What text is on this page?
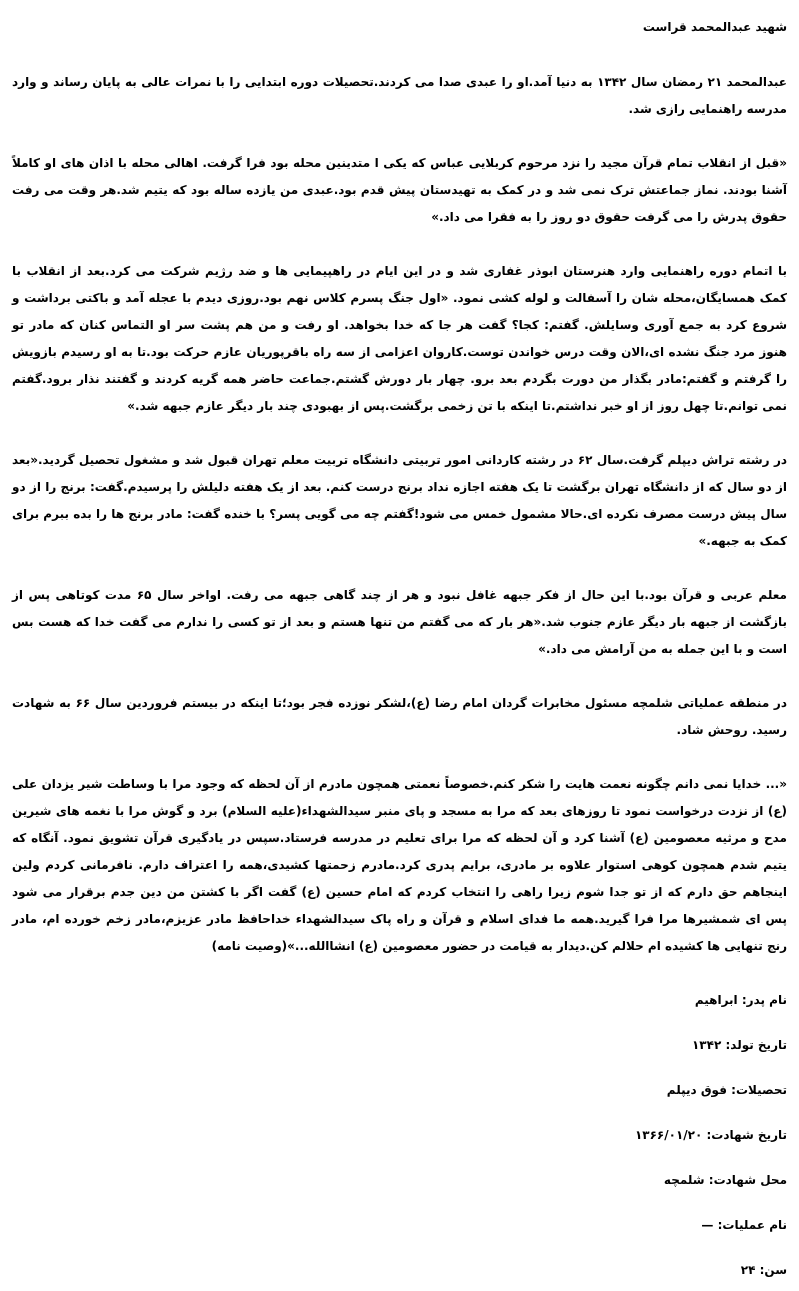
شهید عبدالمحمد قراست

عبدالمحمد ۲۱ رمضان سال ۱۳۴۲ به دنیا آمد.او را عبدی صدا می کردند.تحصیلات دوره ابتدایی را با نمرات عالی به پایان رساند و وارد مدرسه راهنمایی رازی شد.

«قبل از انقلاب تمام قرآن مجید را نزد مرحوم کربلایی عباس که یکی ا متدینین محله بود فرا گرفت. اهالی محله با اذان های او کاملاً آشنا بودند. نماز جماعتش ترک نمی شد و در کمک به تهیدستان پیش قدم بود.عبدی من یازده ساله بود که یتیم شد.هر وقت می رفت حقوق پدرش را می گرفت حقوق دو روز را به فقرا می داد.»

با اتمام دوره راهنمایی وارد هنرستان ابوذر غفاری شد و در این ایام در راهپیمایی ها و ضد رژیم شرکت می کرد.بعد از انقلاب با کمک همسایگان،محله شان را آسفالت و لوله کشی نمود. «اول جنگ پسرم کلاس نهم بود.روزی دیدم با عجله آمد و باکتی برداشت و شروع کرد به جمع آوری وسایلش. گفتم: کجا؟ گفت هر جا که خدا بخواهد. او رفت و من هم پشت سر او التماس کنان که مادر تو هنوز مرد جنگ نشده ای،الان وقت درس خواندن توست.کاروان اعزامی از سه راه باقرپوریان عازم حرکت بود.تا به او رسیدم بازویش را گرفتم و گفتم:مادر بگذار من دورت بگردم بعد برو. چهار بار دورش گشتم.جماعت حاضر همه گریه کردند و گفتند نذار برود.گفتم نمی توانم.تا چهل روز از او خبر نداشتم.تا اینکه با تن زخمی برگشت.پس از بهبودی چند بار دیگر عازم جبهه شد.»

در رشته تراش دیپلم گرفت.سال ۶۲ در رشته کاردانی امور تربیتی دانشگاه تربیت معلم تهران قبول شد و مشغول تحصیل گردید.«بعد از دو سال که از دانشگاه تهران برگشت تا یک هفته اجازه نداد برنج درست کنم. بعد از یک هفته دلیلش را پرسیدم.گفت: برنج را از دو سال پیش درست مصرف نکرده ای.حالا مشمول خمس می شود!گفتم چه می گویی پسر؟ با خنده گفت: مادر برنج ها را بده ببرم برای کمک به جبهه.»

معلم عربی و قرآن بود.با این حال از فکر جبهه غافل نبود و هر از چند گاهی جبهه می رفت. اواخر سال ۶۵ مدت کوتاهی پس از بازگشت از جبهه بار دیگر عازم جنوب شد.«هر بار که می گفتم من تنها هستم و بعد از تو کسی را ندارم می گفت خدا که هست بس است و با این جمله به من آرامش می داد.»

در منطقه عملیاتی شلمچه مسئول مخابرات گردان امام رضا (ع)،لشکر نوزده فجر بود؛تا اینکه در بیستم فروردین سال ۶۶ به شهادت رسید. روحش شاد.

«... خدایا نمی دانم چگونه نعمت هایت را شکر کنم.خصوصاً نعمتی همچون مادرم از آن لحظه که وجود مرا با وساطت شیر یزدان علی (ع) از نزدت درخواست نمود تا روزهای بعد که مرا به مسجد و پای منبر سیدالشهداء(علیه السلام) برد و گوش مرا با نغمه های شیرین مدح و مرثیه معصومین (ع) آشنا کرد و آن لحظه که مرا برای تعلیم در مدرسه فرستاد.سپس در یادگیری قرآن تشویق نمود. آنگاه که یتیم شدم همچون کوهی استوار علاوه بر مادری، برایم پدری کرد.مادرم زحمتها کشیدی،همه را اعتراف دارم. نافرمانی کردم ولین اینجاهم حق دارم که از تو جدا شوم زیرا راهی را انتخاب کردم که امام حسین (ع) گفت اگر با کشتن من دین جدم برقرار می شود پس ای شمشیرها مرا فرا گیرید.همه ما فدای اسلام و قرآن و راه پاک سیدالشهداء خداحافظ مادر عزیزم،مادر زخم خورده ام، مادر رنج تنهایی ها کشیده ام حلالم کن.دیدار به قیامت در حضور معصومین (ع) انشاالله...»(وصیت نامه)

نام پدر:ابراهیم
تاریخ تولد:۱۳۴۲
تحصیلات:فوق دیپلم
تاریخ شهادت:۱۳۶۶/۰۱/۲۰
محل شهادت:شلمچه
نام عملیات:—
سن:۲۴
